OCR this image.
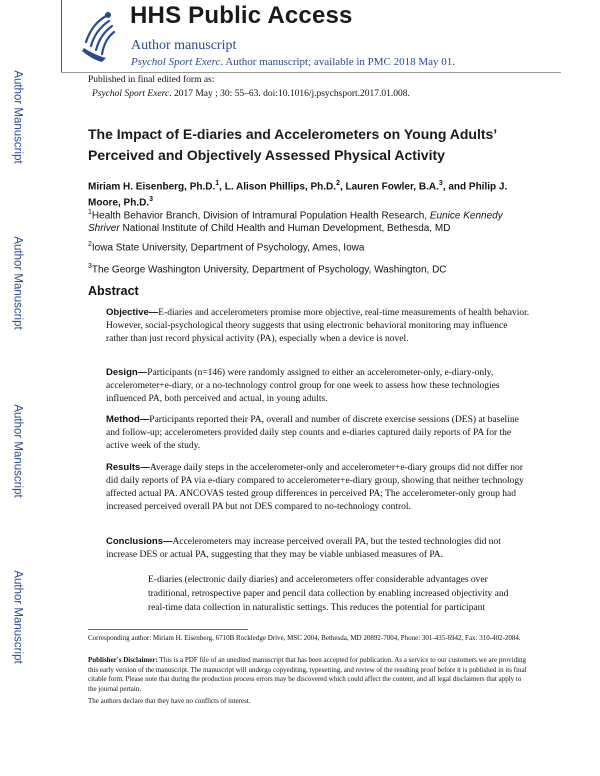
HHS Public Access
Author manuscript
Psychol Sport Exerc. Author manuscript; available in PMC 2018 May 01.
Published in final edited form as:
Psychol Sport Exerc. 2017 May ; 30: 55–63. doi:10.1016/j.psychsport.2017.01.008.
Author Manuscript
Author Manuscript
Author Manuscript
Author Manuscript
The Impact of E-diaries and Accelerometers on Young Adults’ Perceived and Objectively Assessed Physical Activity
Miriam H. Eisenberg, Ph.D.$^1$, L. Alison Phillips, Ph.D.$^2$, Lauren Fowler, B.A.$^3$, and Philip J. Moore, Ph.D.$^3$
$^1$Health Behavior Branch, Division of Intramural Population Health Research, Eunice Kennedy Shriver National Institute of Child Health and Human Development, Bethesda, MD
$^2$Iowa State University, Department of Psychology, Ames, Iowa
$^3$The George Washington University, Department of Psychology, Washington, DC
Abstract
Objective—E-diaries and accelerometers promise more objective, real-time measurements of health behavior. However, social-psychological theory suggests that using electronic behavioral monitoring may influence rather than just record physical activity (PA), especially when a device is novel.
Design—Participants (n=146) were randomly assigned to either an accelerometer-only, e-diary-only, accelerometer+e-diary, or a no-technology control group for one week to assess how these technologies influenced PA, both perceived and actual, in young adults.
Method—Participants reported their PA, overall and number of discrete exercise sessions (DES) at baseline and follow-up; accelerometers provided daily step counts and e-diaries captured daily reports of PA for the active week of the study.
Results—Average daily steps in the accelerometer-only and accelerometer+e-diary groups did not differ nor did daily reports of PA via e-diary compared to accelerometer+e-diary group, showing that neither technology affected actual PA. ANCOVAS tested group differences in perceived PA; The accelerometer-only group had increased perceived overall PA but not DES compared to no-technology control.
Conclusions—Accelerometers may increase perceived overall PA, but the tested technologies did not increase DES or actual PA, suggesting that they may be viable unbiased measures of PA.
E-diaries (electronic daily diaries) and accelerometers offer considerable advantages over traditional, retrospective paper and pencil data collection by enabling increased objectivity and real-time data collection in naturalistic settings. This reduces the potential for participant
Corresponding author: Miriam H. Eisenberg, 6710B Rockledge Drive, MSC 2004, Bethesda, MD 20892-7004, Phone: 301-435-6942, Fax: 310-402-2084.
Publisher's Disclaimer: This is a PDF file of an unedited manuscript that has been accepted for publication. As a service to our customers we are providing this early version of the manuscript. The manuscript will undergo copyediting, typesetting, and review of the resulting proof before it is published in its final citable form. Please note that during the production process errors may be discovered which could affect the content, and all legal disclaimers that apply to the journal pertain.
The authors declare that they have no conflicts of interest.
